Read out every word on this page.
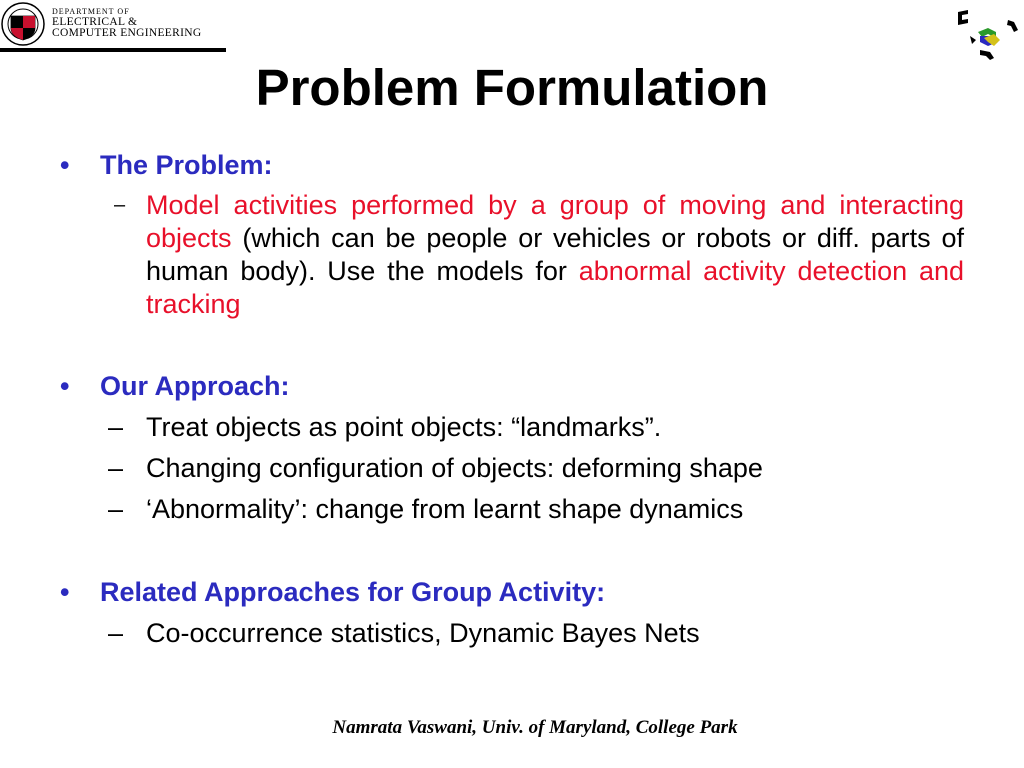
DEPARTMENT OF
ELECTRICAL &
COMPUTER ENGINEERING
Problem Formulation
• The Problem:
– Model activities performed by a group of moving and interacting objects (which can be people or vehicles or robots or diff. parts of human body). Use the models for abnormal activity detection and tracking
• Our Approach:
– Treat objects as point objects: “landmarks”.
– Changing configuration of objects: deforming shape
– ‘Abnormality’: change from learnt shape dynamics
• Related Approaches for Group Activity:
– Co-occurrence statistics, Dynamic Bayes Nets
Namrata Vaswani, Univ. of Maryland, College Park
